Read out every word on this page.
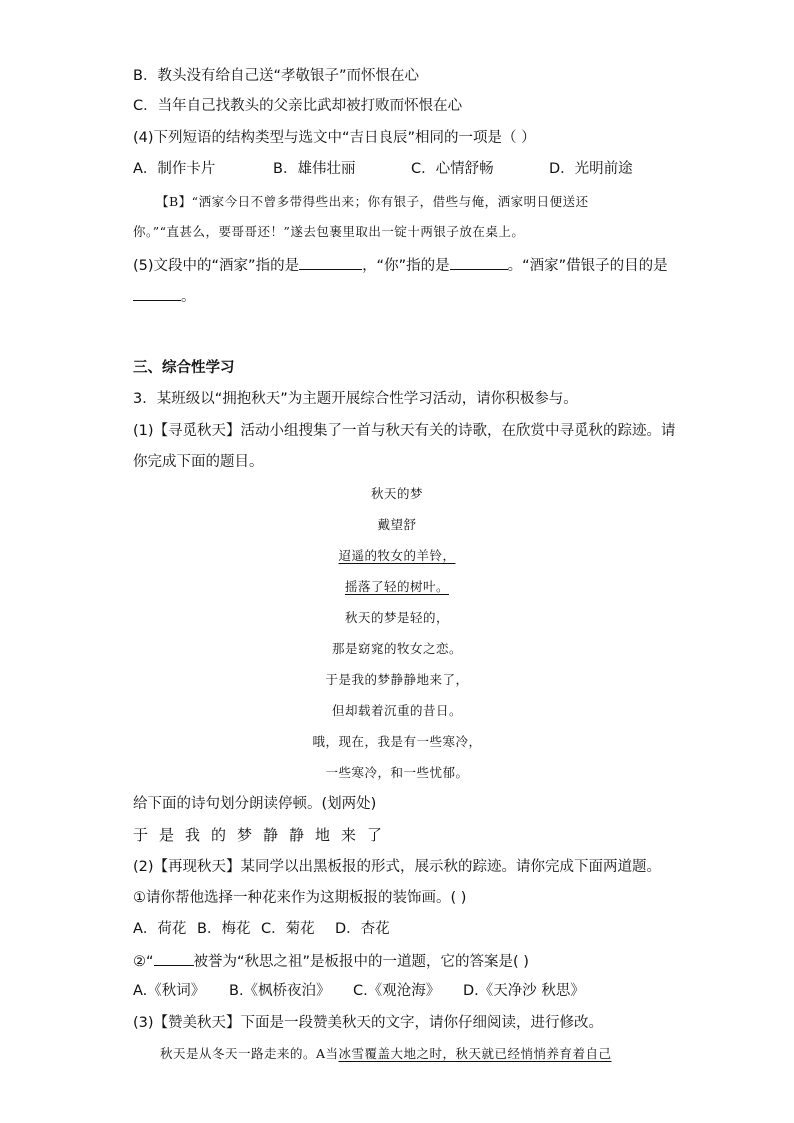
B．教头没有给自己送“孝敬银子”而怀恨在心
C．当年自己找教头的父亲比武却被打败而怀恨在心
(4)下列短语的结构类型与选文中“吉日良辰”相同的一项是（ ）
A．制作卡片	B．雄伟壮丽	C．心情舒畅	D．光明前途
【B】“洒家今日不曾多带得些出来；你有银子，借些与俺，洒家明日便送还
你。”“直甚么，要哥哥还！”遂去包裹里取出一锭十两银子放在桌上。
(5)文段中的“酒家”指的是	，“你”指的是	。“酒家”借银子的目的是
。
三、综合性学习
3．某班级以“拥抱秋天”为主题开展综合性学习活动，请你积极参与。
(1)【寻觅秋天】活动小组搜集了一首与秋天有关的诗歌，在欣赏中寻觅秋的踪迹。请
你完成下面的题目。
秋天的梦
戴望舒
迢遥的牧女的羊铃，
摇落了轻的树叶。
秋天的梦是轻的，
那是窈窕的牧女之恋。
于是我的梦静静地来了，
但却载着沉重的昔日。
哦，现在，我是有一些寒冷，
一些寒冷，和一些忧郁。
给下面的诗句划分朗读停顿。(划两处)
于是我的梦静静地来了
(2)【再现秋天】某同学以出黑板报的形式，展示秋的踪迹。请你完成下面两道题。
①请你帮他选择一种花来作为这期板报的装饰画。( )
A．荷花 B．梅花 C．菊花 D．杏花
②“	被誉为“秋思之祖”是板报中的一道题，它的答案是( )
A.《秋词》 B.《枫桥夜泊》 C.《观沧海》 D.《天净沙 秋思》
(3)【赞美秋天】下面是一段赞美秋天的文字，请你仔细阅读，进行修改。
秋天是从冬天一路走来的。A当冰雪覆盖大地之时，秋天就已经悄悄养育着自己
